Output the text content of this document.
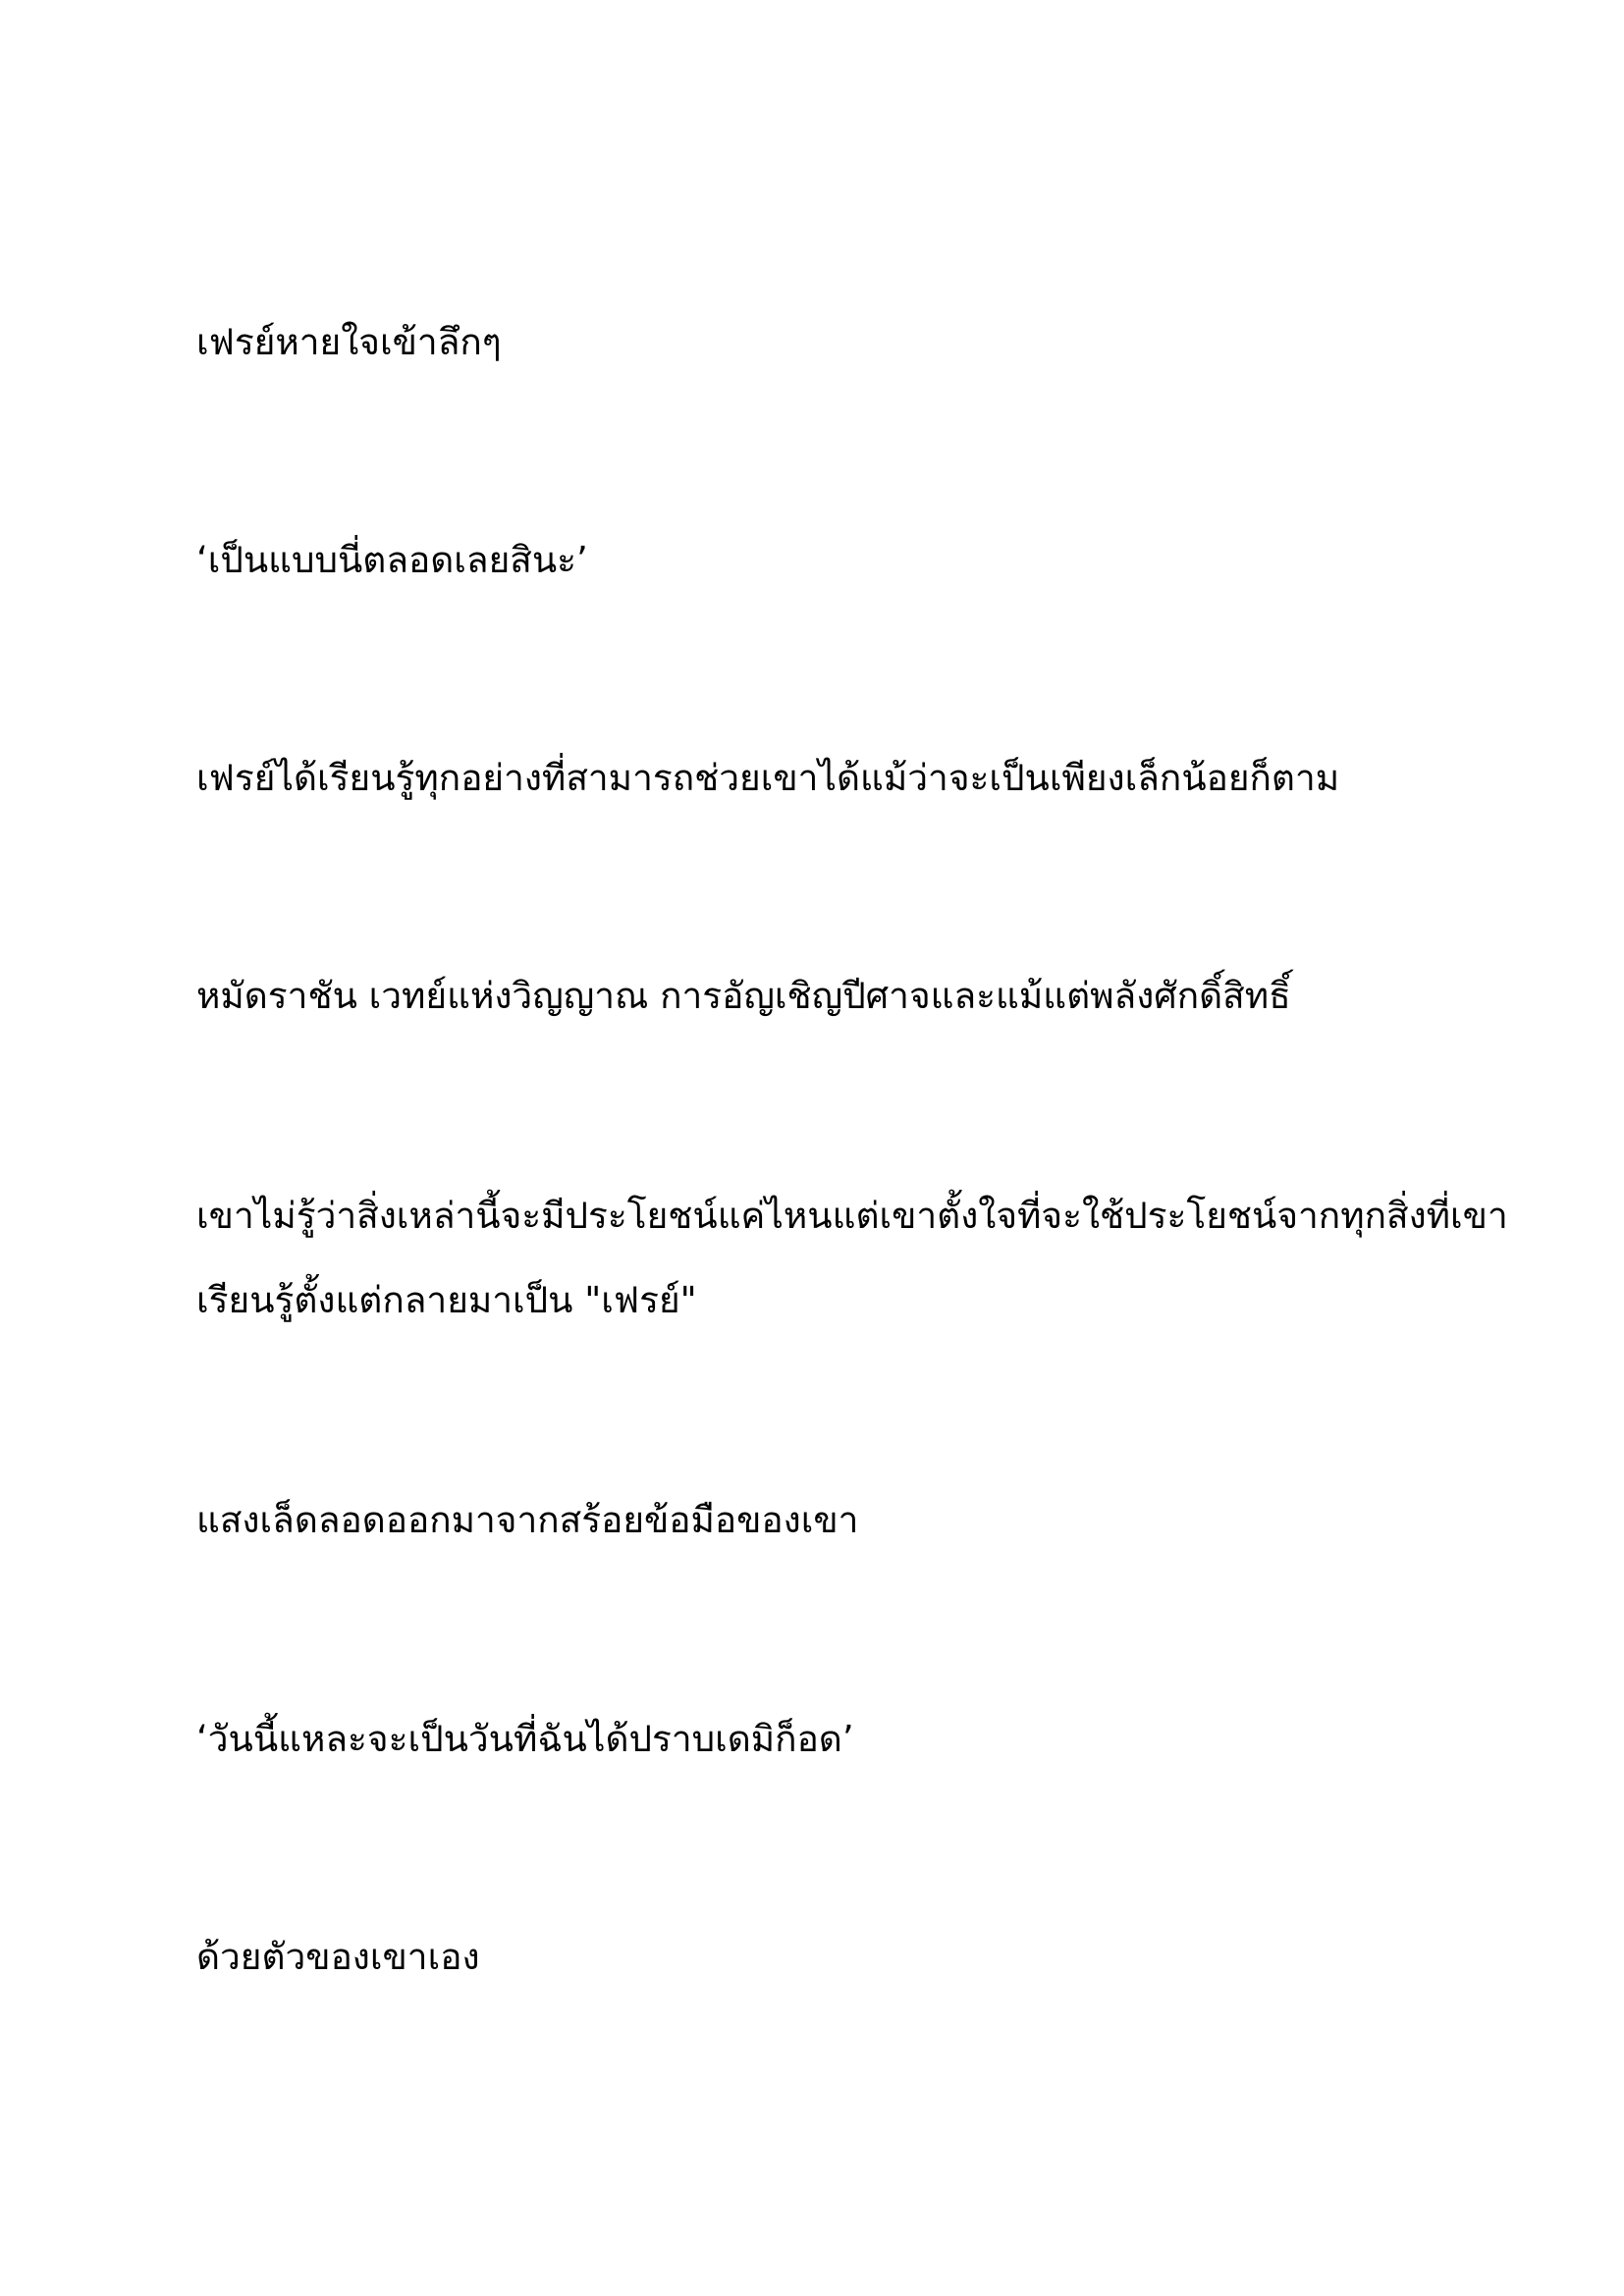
เฟรย์หายใจเข้าลึกๆ

‘เป็นแบบนี่ตลอดเลยสินะ’

เฟรย์ได้เรียนรู้ทุกอย่างที่สามารถช่วยเขาได้แม้ว่าจะเป็นเพียงเล็กน้อยก็ตาม

หมัดราชัน เวทย์แห่งวิญญาณ การอัญเชิญปีศาจและแม้แต่พลังศักดิ์สิทธิ์

เขาไม่รู้ว่าสิ่งเหล่านี้จะมีประโยชน์แค่ไหนแต่เขาตั้งใจที่จะใช้ประโยชน์จากทุกสิ่งที่เขา
เรียนรู้ตั้งแต่กลายมาเป็น "เฟรย์"

แสงเล็ดลอดออกมาจากสร้อยข้อมือของเขา

‘วันนี้แหละจะเป็นวันที่ฉันได้ปราบเดมิก็อด’

ด้วยตัวของเขาเอง
